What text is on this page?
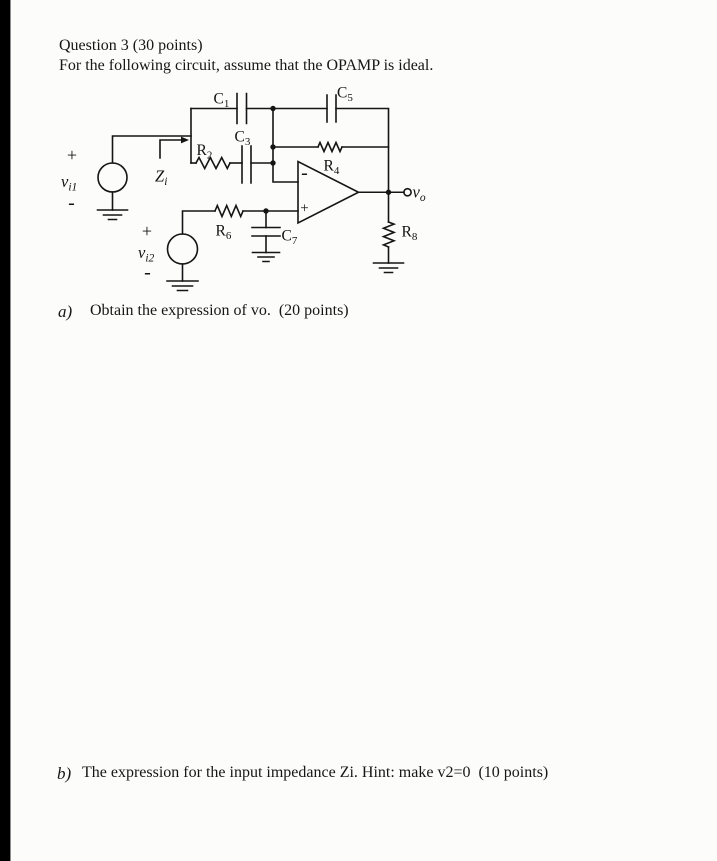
Question 3 (30 points)
For the following circuit, assume that the OPAMP is ideal.
+
-
$v_{i1}$
$Z_i$
$C_1$
$R_2$
$C_3$
$C_5$
$R_4$
-
+
$R_6$	$C_7$
+
-
$v_{i2}$
$v_o$
$R_8$
a) Obtain the expression of vo.  (20 points)
b) The expression for the input impedance Zi. Hint: make v2=0  (10 points)
